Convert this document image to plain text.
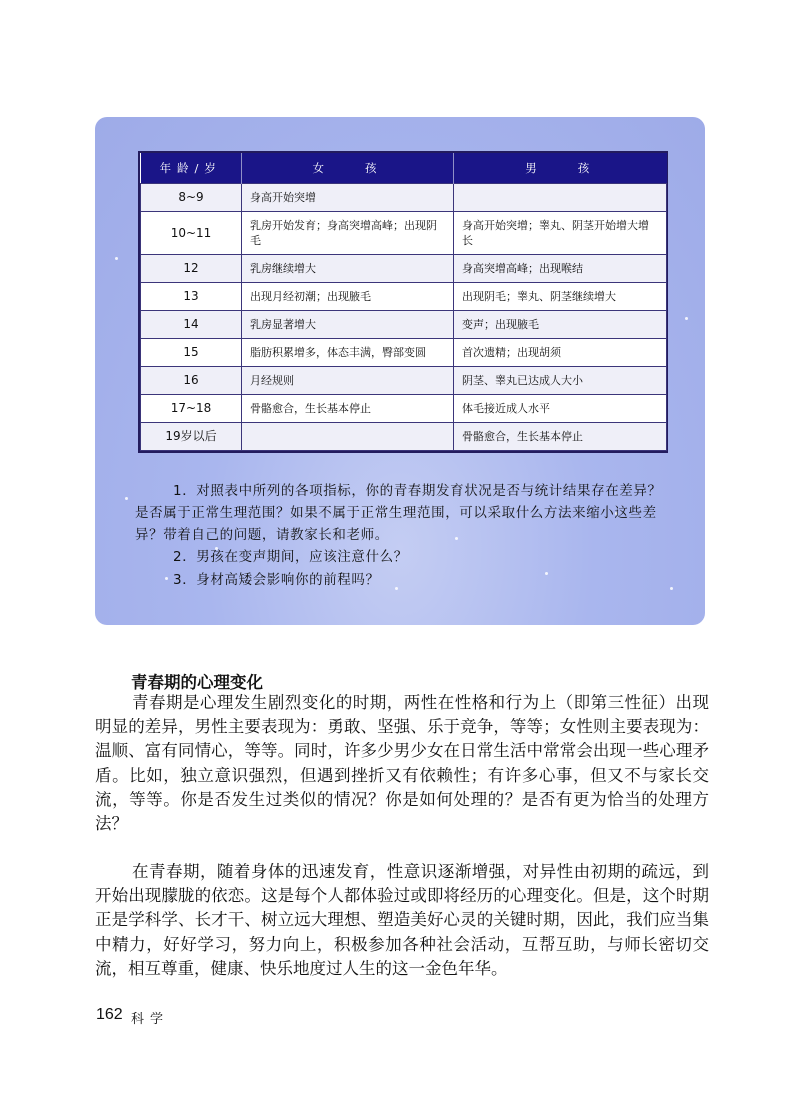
年龄/岁	女　　孩	男　　孩
8~9	身高开始突增	
10~11	乳房开始发育；身高突增高峰；出现阴毛	身高开始突增；睾丸、阴茎开始增大增长
12	乳房继续增大	身高突增高峰；出现喉结
13	出现月经初潮；出现腋毛	出现阴毛；睾丸、阴茎继续增大
14	乳房显著增大	变声；出现腋毛
15	脂肪积累增多，体态丰满，臀部变圆	首次遗精；出现胡须
16	月经规则	阴茎、睾丸已达成人大小
17~18	骨骼愈合，生长基本停止	体毛接近成人水平
19岁以后		骨骼愈合，生长基本停止
1．对照表中所列的各项指标，你的青春期发育状况是否与统计结果存在差异？是否属于正常生理范围？如果不属于正常生理范围，可以采取什么方法来缩小这些差异？带着自己的问题，请教家长和老师。
2．男孩在变声期间，应该注意什么？
3．身材高矮会影响你的前程吗？
青春期的心理变化
青春期是心理发生剧烈变化的时期，两性在性格和行为上（即第三性征）出现明显的差异，男性主要表现为：勇敢、坚强、乐于竞争，等等；女性则主要表现为：温顺、富有同情心，等等。同时，许多少男少女在日常生活中常常会出现一些心理矛盾。比如，独立意识强烈，但遇到挫折又有依赖性；有许多心事，但又不与家长交流，等等。你是否发生过类似的情况？你是如何处理的？是否有更为恰当的处理方法？
在青春期，随着身体的迅速发育，性意识逐渐增强，对异性由初期的疏远，到开始出现朦胧的依恋。这是每个人都体验过或即将经历的心理变化。但是，这个时期正是学科学、长才干、树立远大理想、塑造美好心灵的关键时期，因此，我们应当集中精力，好好学习，努力向上，积极参加各种社会活动，互帮互助，与师长密切交流，相互尊重，健康、快乐地度过人生的这一金色年华。
162 科学
